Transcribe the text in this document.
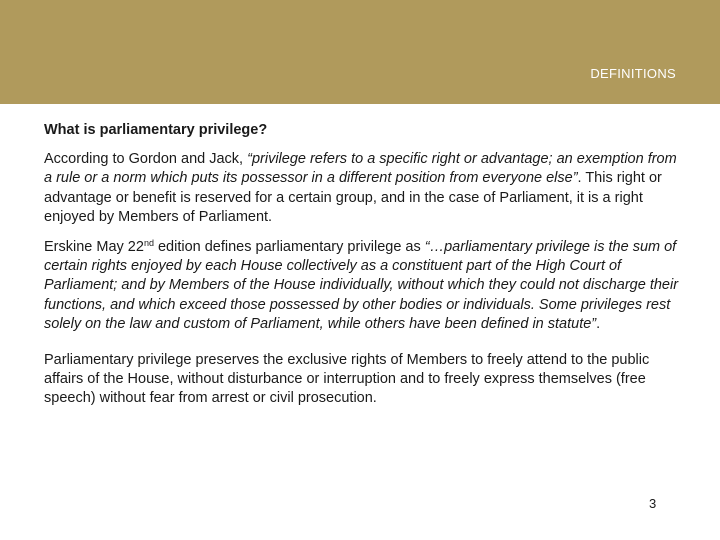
DEFINITIONS
What is parliamentary privilege?

According to Gordon and Jack, “privilege refers to a specific right or advantage; an exemption from a rule or a norm which puts its possessor in a different position from everyone else”. This right or advantage or benefit is reserved for a certain group, and in the case of Parliament, it is a right enjoyed by Members of Parliament.

Erskine May 22nd edition defines parliamentary privilege as “…parliamentary privilege is the sum of certain rights enjoyed by each House collectively as a constituent part of the High Court of Parliament; and by Members of the House individually, without which they could not discharge their functions, and which exceed those possessed by other bodies or individuals. Some privileges rest solely on the law and custom of Parliament, while others have been defined in statute”.

Parliamentary privilege preserves the exclusive rights of Members to freely attend to the public affairs of the House, without disturbance or interruption and to freely express themselves (free speech) without fear from arrest or civil prosecution.

3
